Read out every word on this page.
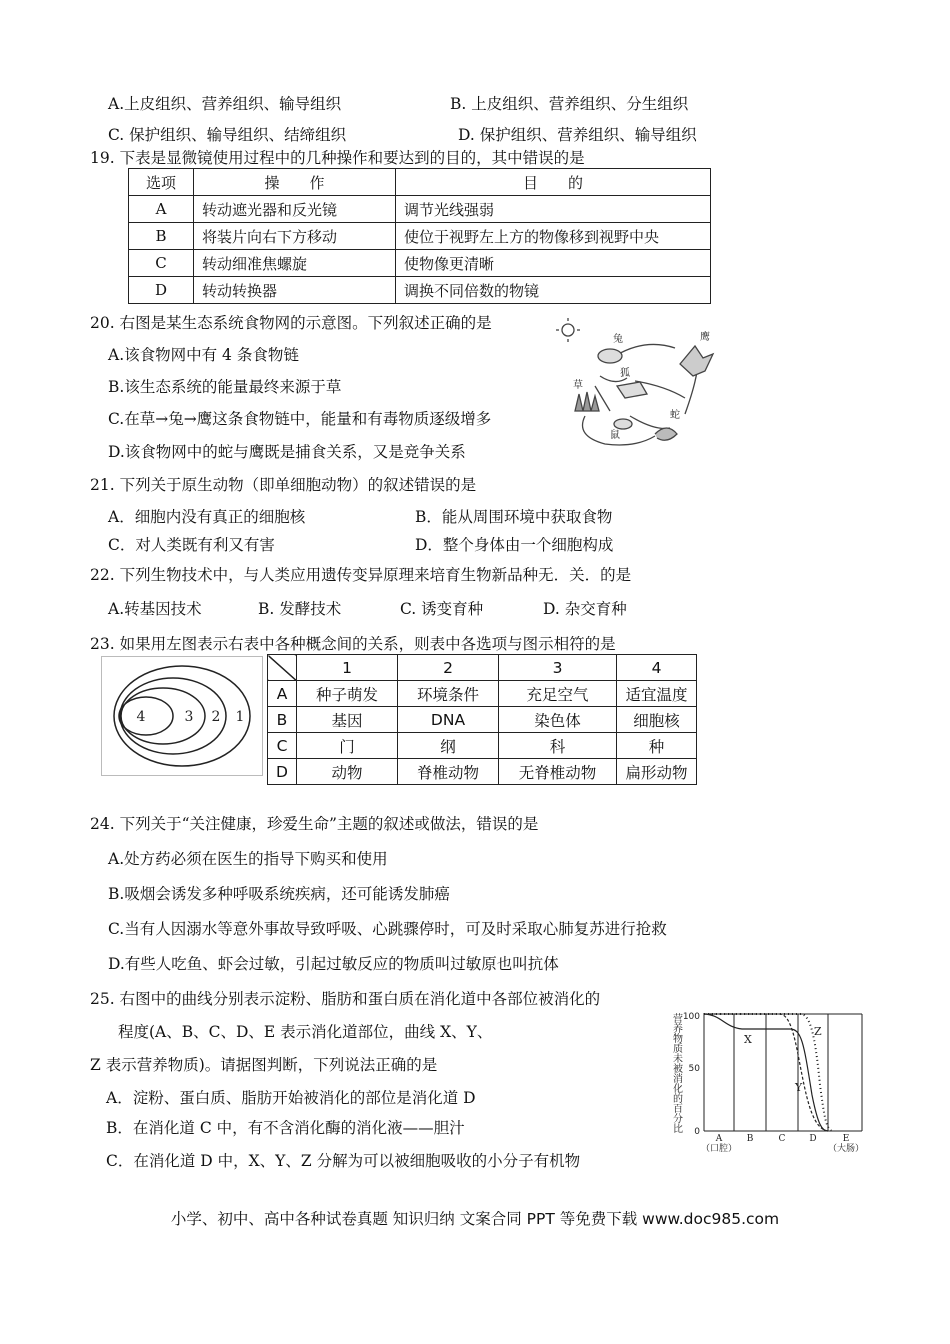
A.上皮组织、营养组织、输导组织	B. 上皮组织、营养组织、分生组织
C. 保护组织、输导组织、结缔组织	D. 保护组织、营养组织、输导组织
19. 下表是显微镜使用过程中的几种操作和要达到的目的，其中错误的是
选项	操　　作	目　　的
A	转动遮光器和反光镜	调节光线强弱
B	将装片向右下方移动	使位于视野左上方的物像移到视野中央
C	转动细准焦螺旋	使物像更清晰
D	转动转换器	调换不同倍数的物镜
20. 右图是某生态系统食物网的示意图。下列叙述正确的是
A.该食物网中有 4 条食物链
B.该生态系统的能量最终来源于草
C.在草→兔→鹰这条食物链中，能量和有毒物质逐级增多
D.该食物网中的蛇与鹰既是捕食关系，又是竞争关系
鹰
兔
狐
草
鼠
蛇
21. 下列关于原生动物（即单细胞动物）的叙述错误的是
A．细胞内没有真正的细胞核	B．能从周围环境中获取食物
C．对人类既有利又有害	D．整个身体由一个细胞构成
22. 下列生物技术中，与人类应用遗传变异原理来培育生物新品种无．关．的是
A.转基因技术	B. 发酵技术	C. 诱变育种	D. 杂交育种
23. 如果用左图表示右表中各种概念间的关系，则表中各选项与图示相符的是
4	3 2 1
	1	2	3	4
A	种子萌发	环境条件	充足空气	适宜温度
B	基因	DNA	染色体	细胞核
C	门	纲	科	种
D	动物	脊椎动物	无脊椎动物	扁形动物
24. 下列关于“关注健康，珍爱生命”主题的叙述或做法，错误的是
A.处方药必须在医生的指导下购买和使用
B.吸烟会诱发多种呼吸系统疾病，还可能诱发肺癌
C.当有人因溺水等意外事故导致呼吸、心跳骤停时，可及时采取心肺复苏进行抢救
D.有些人吃鱼、虾会过敏，引起过敏反应的物质叫过敏原也叫抗体
25. 右图中的曲线分别表示淀粉、脂肪和蛋白质在消化道中各部位被消化的
程度(A、B、C、D、E 表示消化道部位，曲线 X、Y、
Z 表示营养物质)。请据图判断，下列说法正确的是
A．淀粉、蛋白质、脂肪开始被消化的部位是消化道 D
B．在消化道 C 中，有不含消化酶的消化液——胆汁
C．在消化道 D 中，X、Y、Z 分解为可以被细胞吸收的小分子有机物
营养物质未被消化的百分比 100
50
0
X
Y
Z
A	B	C	D	E
（口腔）	（大肠）
小学、初中、高中各种试卷真题 知识归纳 文案合同 PPT 等免费下载 www.doc985.com
